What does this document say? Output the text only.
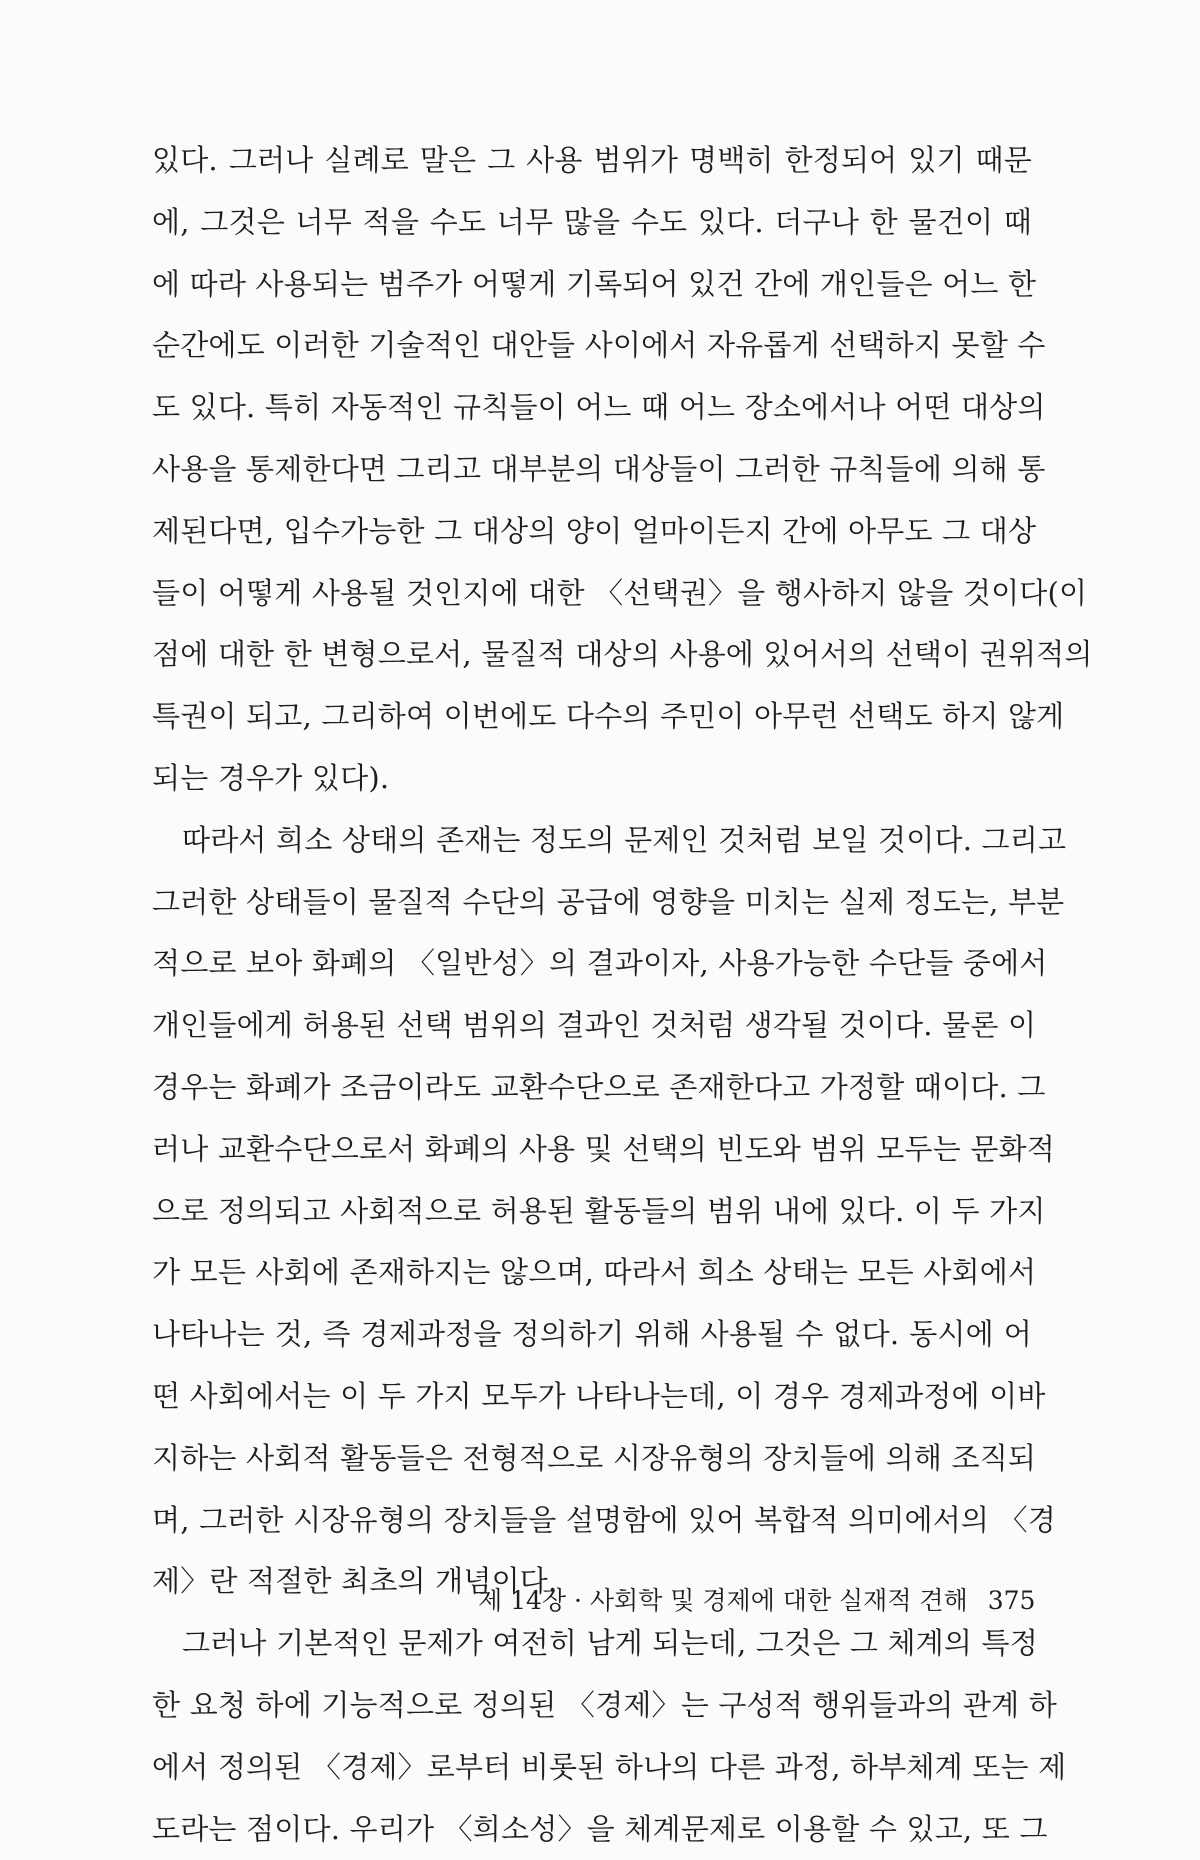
있다. 그러나 실례로 말은 그 사용 범위가 명백히 한정되어 있기 때문
에, 그것은 너무 적을 수도 너무 많을 수도 있다. 더구나 한 물건이 때
에 따라 사용되는 범주가 어떻게 기록되어 있건 간에 개인들은 어느 한
순간에도 이러한 기술적인 대안들 사이에서 자유롭게 선택하지 못할 수
도 있다. 특히 자동적인 규칙들이 어느 때 어느 장소에서나 어떤 대상의
사용을 통제한다면 그리고 대부분의 대상들이 그러한 규칙들에 의해 통
제된다면, 입수가능한 그 대상의 양이 얼마이든지 간에 아무도 그 대상
들이 어떻게 사용될 것인지에 대한 〈선택권〉을 행사하지 않을 것이다(이
점에 대한 한 변형으로서, 물질적 대상의 사용에 있어서의 선택이 권위적의
특권이 되고, 그리하여 이번에도 다수의 주민이 아무런 선택도 하지 않게
되는 경우가 있다).
따라서 희소 상태의 존재는 정도의 문제인 것처럼 보일 것이다. 그리고
그러한 상태들이 물질적 수단의 공급에 영향을 미치는 실제 정도는, 부분
적으로 보아 화폐의 〈일반성〉의 결과이자, 사용가능한 수단들 중에서
개인들에게 허용된 선택 범위의 결과인 것처럼 생각될 것이다. 물론 이
경우는 화폐가 조금이라도 교환수단으로 존재한다고 가정할 때이다. 그
러나 교환수단으로서 화폐의 사용 및 선택의 빈도와 범위 모두는 문화적
으로 정의되고 사회적으로 허용된 활동들의 범위 내에 있다. 이 두 가지
가 모든 사회에 존재하지는 않으며, 따라서 희소 상태는 모든 사회에서
나타나는 것, 즉 경제과정을 정의하기 위해 사용될 수 없다. 동시에 어
떤 사회에서는 이 두 가지 모두가 나타나는데, 이 경우 경제과정에 이바
지하는 사회적 활동들은 전형적으로 시장유형의 장치들에 의해 조직되
며, 그러한 시장유형의 장치들을 설명함에 있어 복합적 의미에서의 〈경
제〉란 적절한 최초의 개념이다.
그러나 기본적인 문제가 여전히 남게 되는데, 그것은 그 체계의 특정
한 요청 하에 기능적으로 정의된 〈경제〉는 구성적 행위들과의 관계 하
에서 정의된 〈경제〉로부터 비롯된 하나의 다른 과정, 하부체계 또는 제
도라는 점이다. 우리가 〈희소성〉을 체계문제로 이용할 수 있고, 또 그
제 14장 · 사회학 및 경제에 대한 실재적 견해 375
